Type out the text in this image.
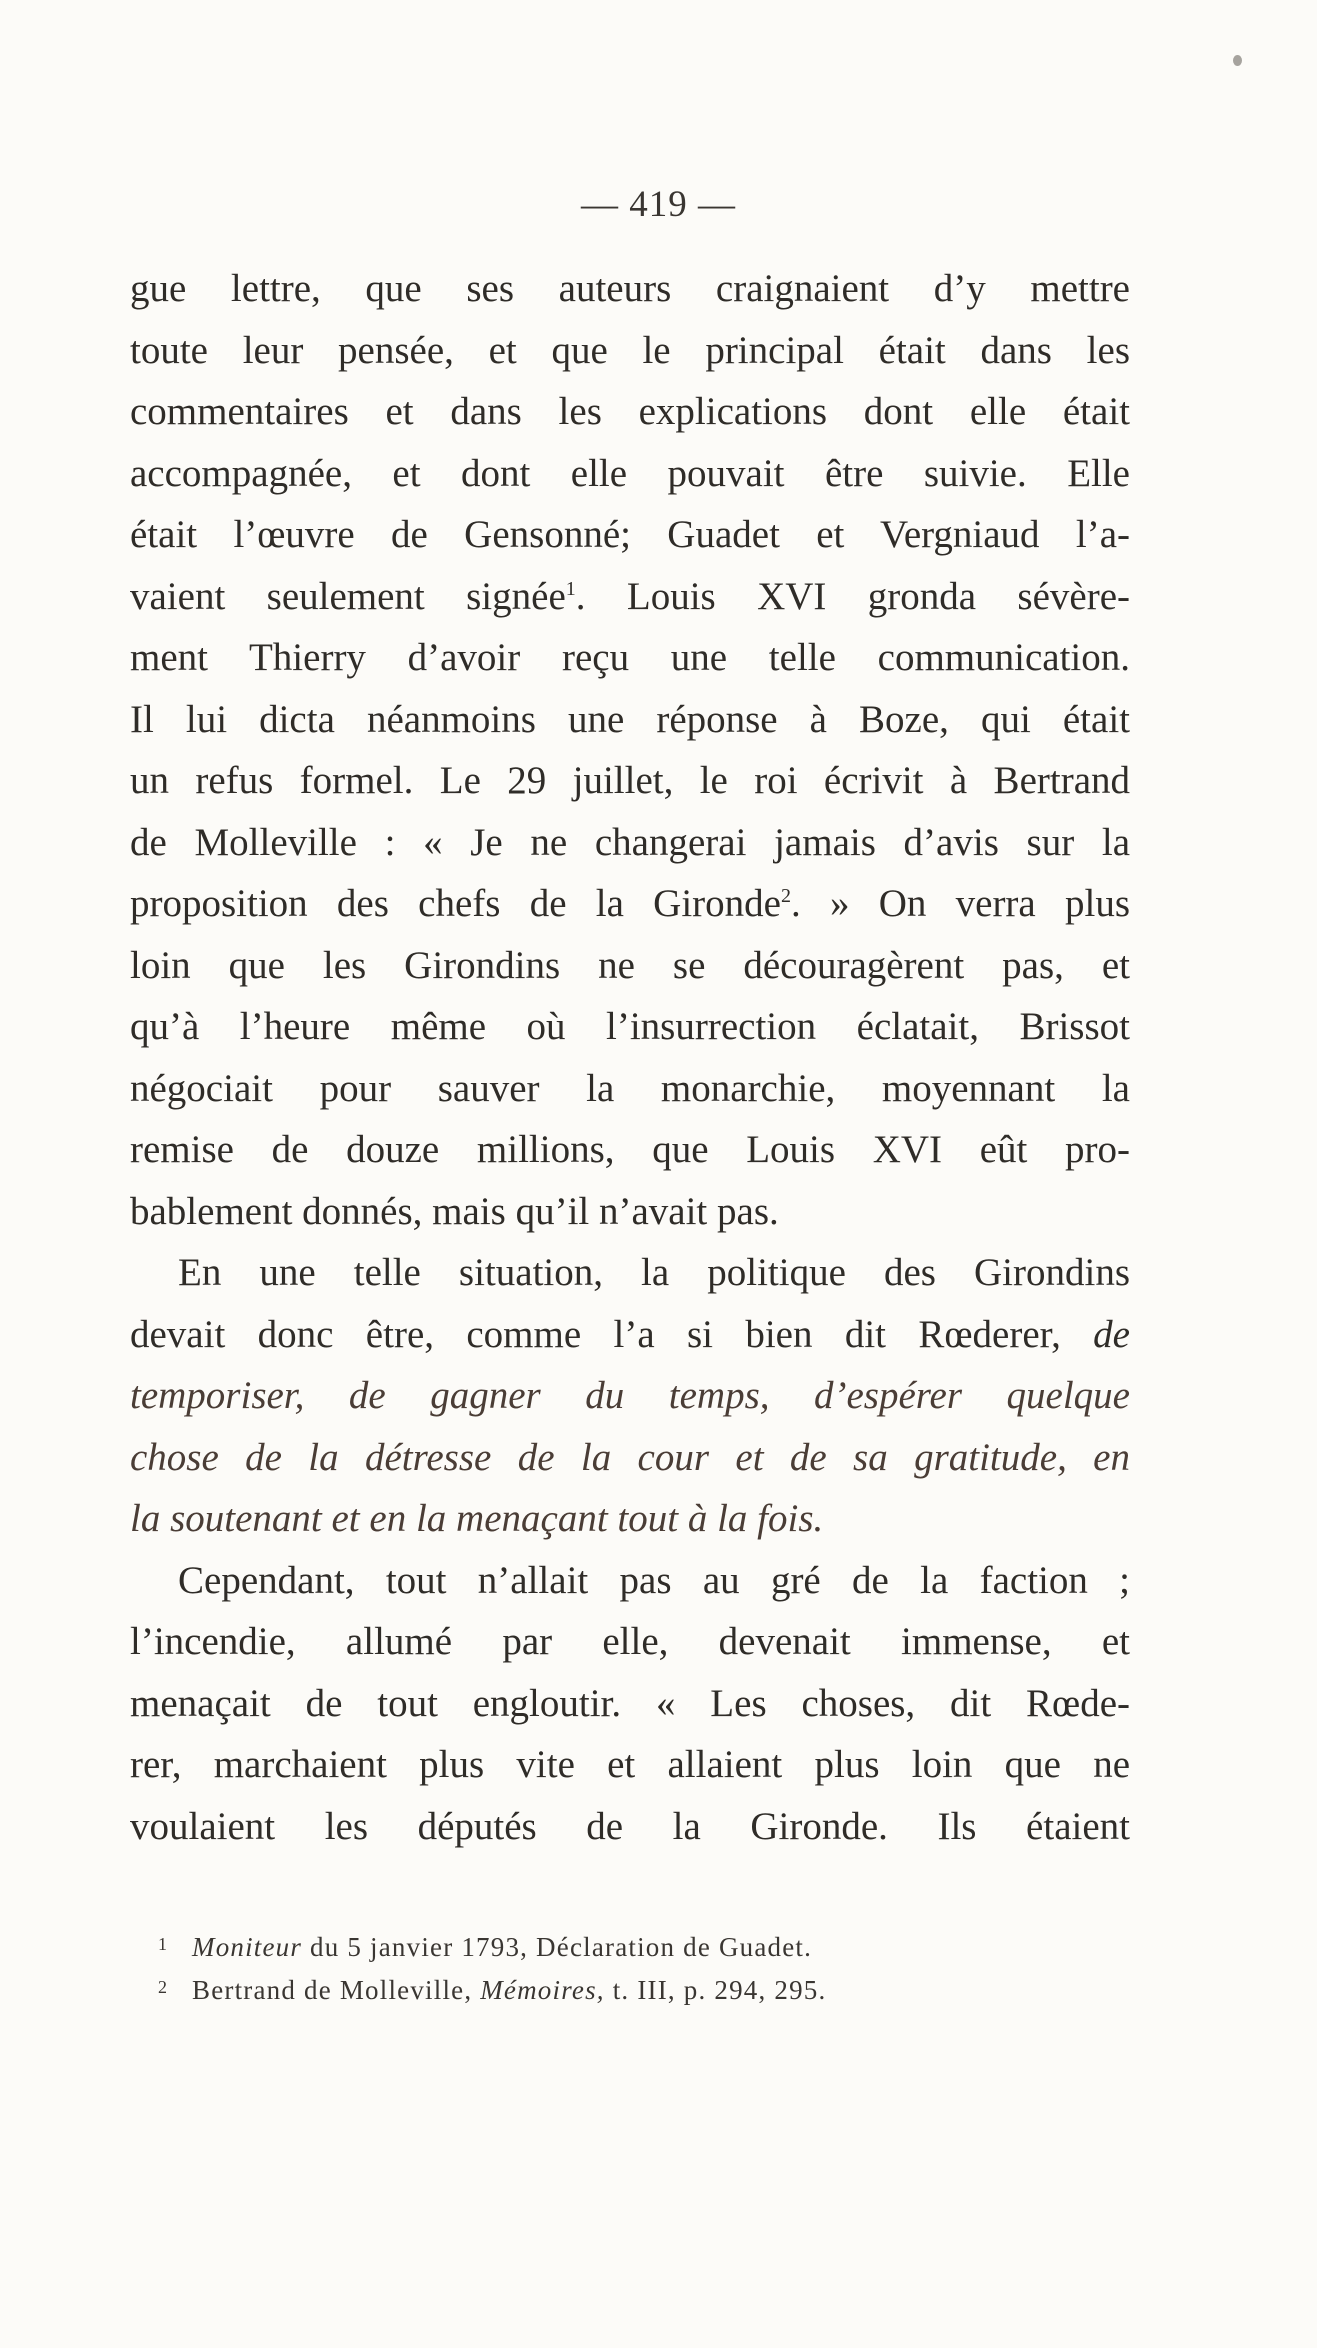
— 419 —
gue lettre, que ses auteurs craignaient d’y mettre
toute leur pensée, et que le principal était dans les
commentaires et dans les explications dont elle était
accompagnée, et dont elle pouvait être suivie. Elle
était l’œuvre de Gensonné; Guadet et Vergniaud l’a-
vaient seulement signée$^1$. Louis XVI gronda sévère-
ment Thierry d’avoir reçu une telle communication.
Il lui dicta néanmoins une réponse à Boze, qui était
un refus formel. Le 29 juillet, le roi écrivit à Bertrand
de Molleville : « Je ne changerai jamais d’avis sur la
proposition des chefs de la Gironde$^2$. » On verra plus
loin que les Girondins ne se découragèrent pas, et
qu’à l’heure même où l’insurrection éclatait, Brissot
négociait pour sauver la monarchie, moyennant la
remise de douze millions, que Louis XVI eût pro-
bablement donnés, mais qu’il n’avait pas.
En une telle situation, la politique des Girondins
devait donc être, comme l’a si bien dit Rœderer, de
temporiser, de gagner du temps, d’espérer quelque
chose de la détresse de la cour et de sa gratitude, en
la soutenant et en la menaçant tout à la fois.
Cependant, tout n’allait pas au gré de la faction ;
l’incendie, allumé par elle, devenait immense, et
menaçait de tout engloutir. « Les choses, dit Rœde-
rer, marchaient plus vite et allaient plus loin que ne
voulaient les députés de la Gironde. Ils étaient
1 Moniteur du 5 janvier 1793, Déclaration de Guadet.
2 Bertrand de Molleville, Mémoires, t. III, p. 294, 295.
